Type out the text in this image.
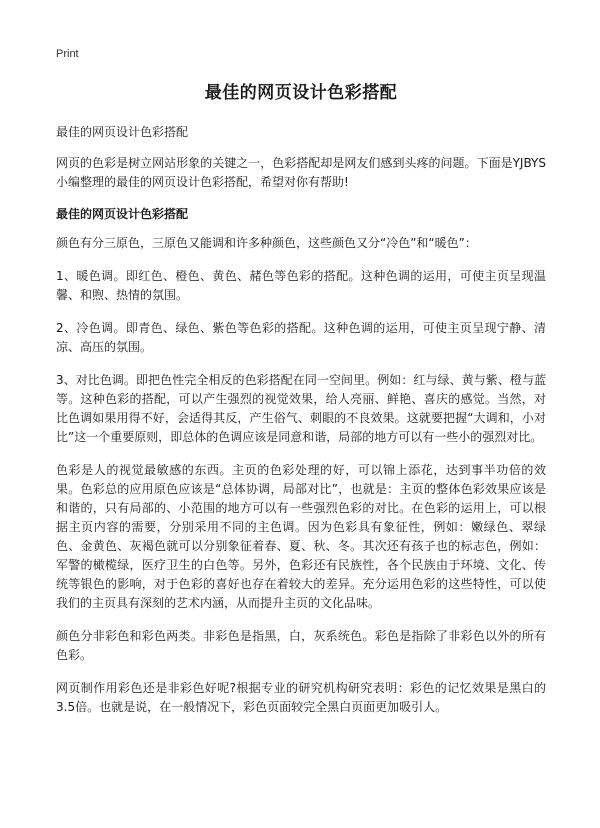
Print
最佳的网页设计色彩搭配
最佳的网页设计色彩搭配
网页的色彩是树立网站形象的关键之一，色彩搭配却是网友们感到头疼的问题。下面是YJBYS小编整理的最佳的网页设计色彩搭配，希望对你有帮助!
最佳的网页设计色彩搭配
颜色有分三原色，三原色又能调和许多种颜色，这些颜色又分“冷色”和“暖色”：
1、暖色调。即红色、橙色、黄色、赭色等色彩的搭配。这种色调的运用，可使主页呈现温馨、和煦、热情的氛围。
2、冷色调。即青色、绿色、紫色等色彩的搭配。这种色调的运用，可使主页呈现宁静、清凉、高压的氛围。
3、对比色调。即把色性完全相反的色彩搭配在同一空间里。例如：红与绿、黄与紫、橙与蓝等。这种色彩的搭配，可以产生强烈的视觉效果，给人亮丽、鲜艳、喜庆的感觉。当然，对比色调如果用得不好，会适得其反，产生俗气、刺眼的不良效果。这就要把握“大调和，小对比”这一个重要原则，即总体的色调应该是同意和谐，局部的地方可以有一些小的强烈对比。
色彩是人的视觉最敏感的东西。主页的色彩处理的好，可以锦上添花，达到事半功倍的效果。色彩总的应用原色应该是“总体协调，局部对比”，也就是：主页的整体色彩效果应该是和谐的，只有局部的、小范围的地方可以有一些强烈色彩的对比。在色彩的运用上，可以根据主页内容的需要，分别采用不同的主色调。因为色彩具有象征性，例如：嫩绿色、翠绿色、金黄色、灰褐色就可以分别象征着春、夏、秋、冬。其次还有孩子也的标志色，例如：军警的橄榄绿，医疗卫生的白色等。另外，色彩还有民族性，各个民族由于环境、文化、传统等银色的影响，对于色彩的喜好也存在着较大的差异。充分运用色彩的这些特性，可以使我们的主页具有深刻的艺术内涵，从而提升主页的文化品味。
颜色分非彩色和彩色两类。非彩色是指黑，白，灰系统色。彩色是指除了非彩色以外的所有色彩。
网页制作用彩色还是非彩色好呢?根据专业的研究机构研究表明：彩色的记忆效果是黑白的3.5倍。也就是说，在一般情况下，彩色页面较完全黑白页面更加吸引人。
